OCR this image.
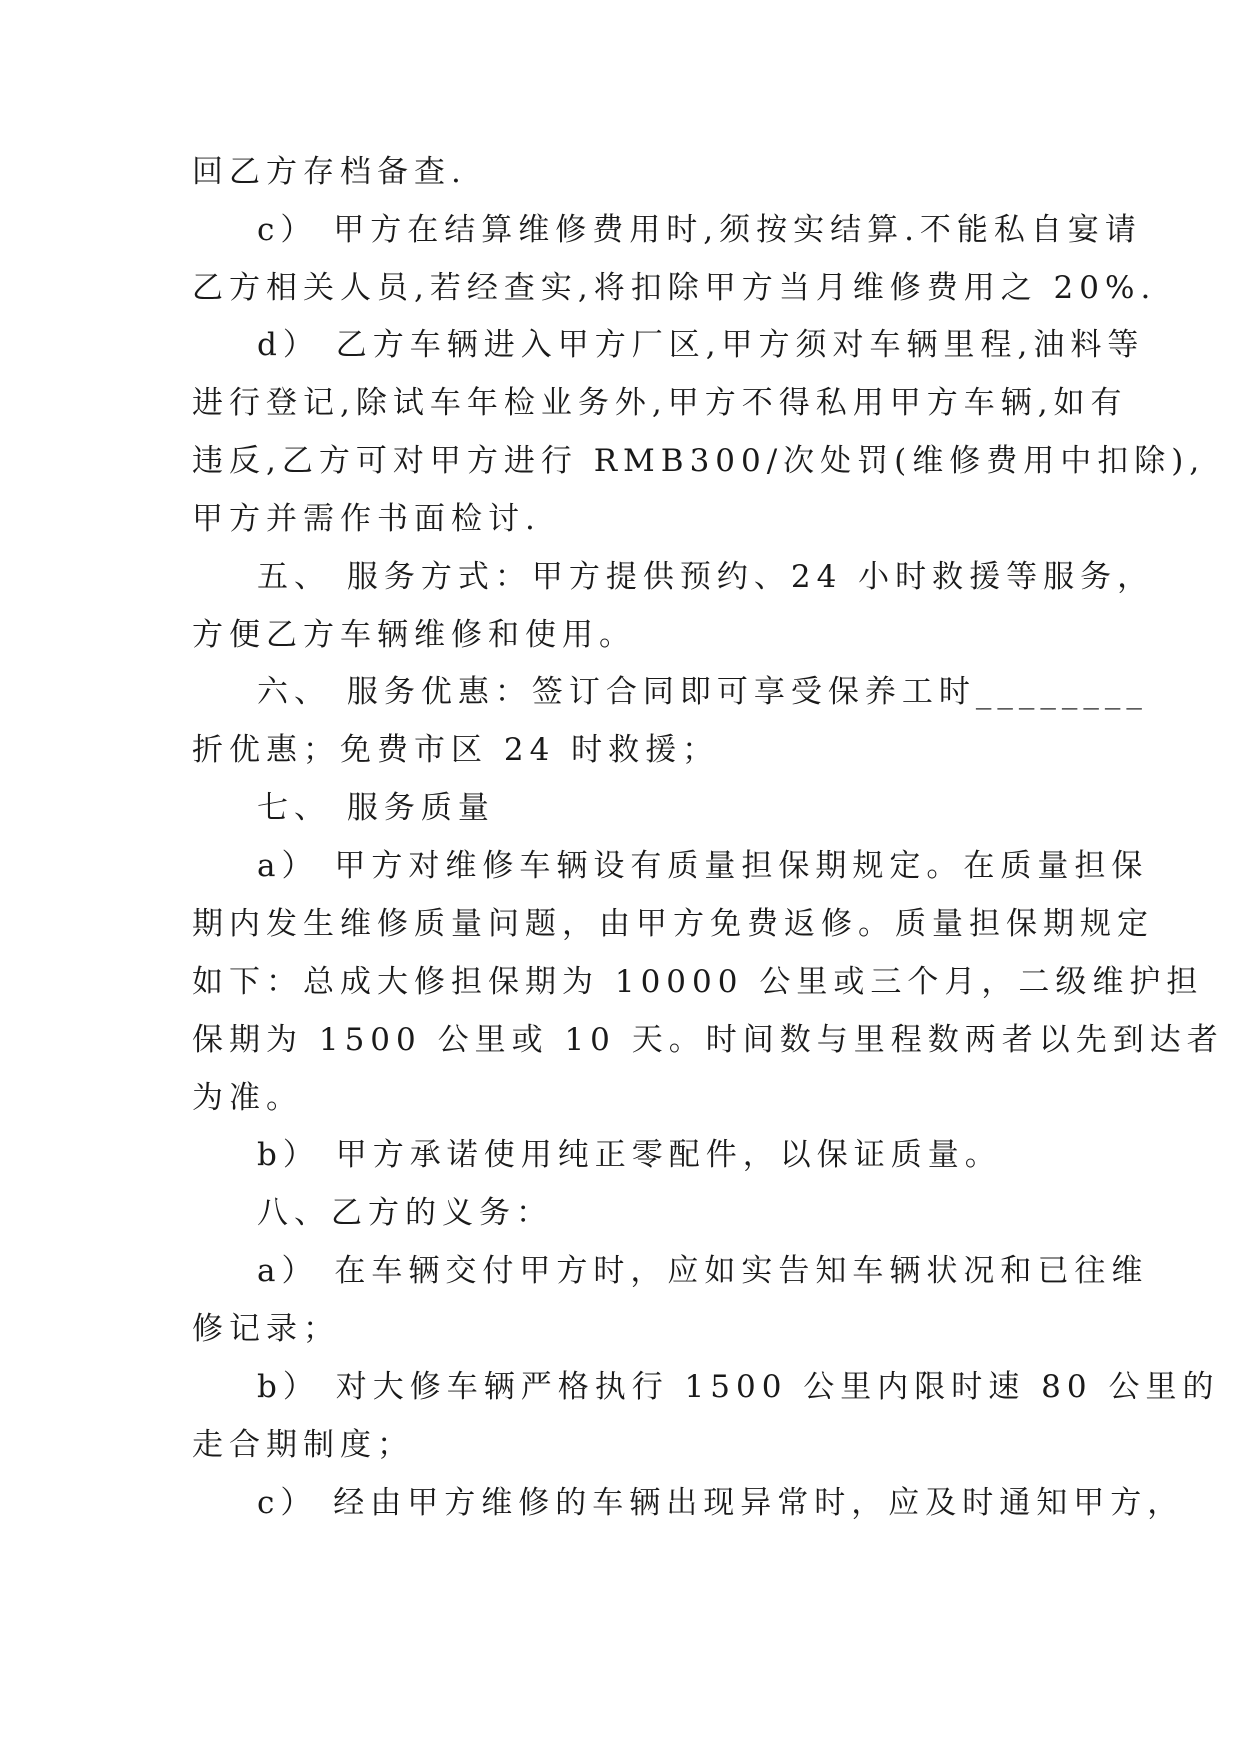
回乙方存档备查.
c） 甲方在结算维修费用时,须按实结算.不能私自宴请
乙方相关人员,若经查实,将扣除甲方当月维修费用之 20%.
d） 乙方车辆进入甲方厂区,甲方须对车辆里程,油料等
进行登记,除试车年检业务外,甲方不得私用甲方车辆,如有
违反,乙方可对甲方进行 RMB300/次处罚(维修费用中扣除),
甲方并需作书面检讨.
五、 服务方式：甲方提供预约、24 小时救援等服务，
方便乙方车辆维修和使用。
六、 服务优惠：签订合同即可享受保养工时________
折优惠；免费市区 24 时救援；
七、 服务质量
a） 甲方对维修车辆设有质量担保期规定。在质量担保
期内发生维修质量问题，由甲方免费返修。质量担保期规定
如下：总成大修担保期为 10000 公里或三个月，二级维护担
保期为 1500 公里或 10 天。时间数与里程数两者以先到达者
为准。
b） 甲方承诺使用纯正零配件，以保证质量。
八、乙方的义务：
a） 在车辆交付甲方时，应如实告知车辆状况和已往维
修记录；
b） 对大修车辆严格执行 1500 公里内限时速 80 公里的
走合期制度；
c） 经由甲方维修的车辆出现异常时，应及时通知甲方，
